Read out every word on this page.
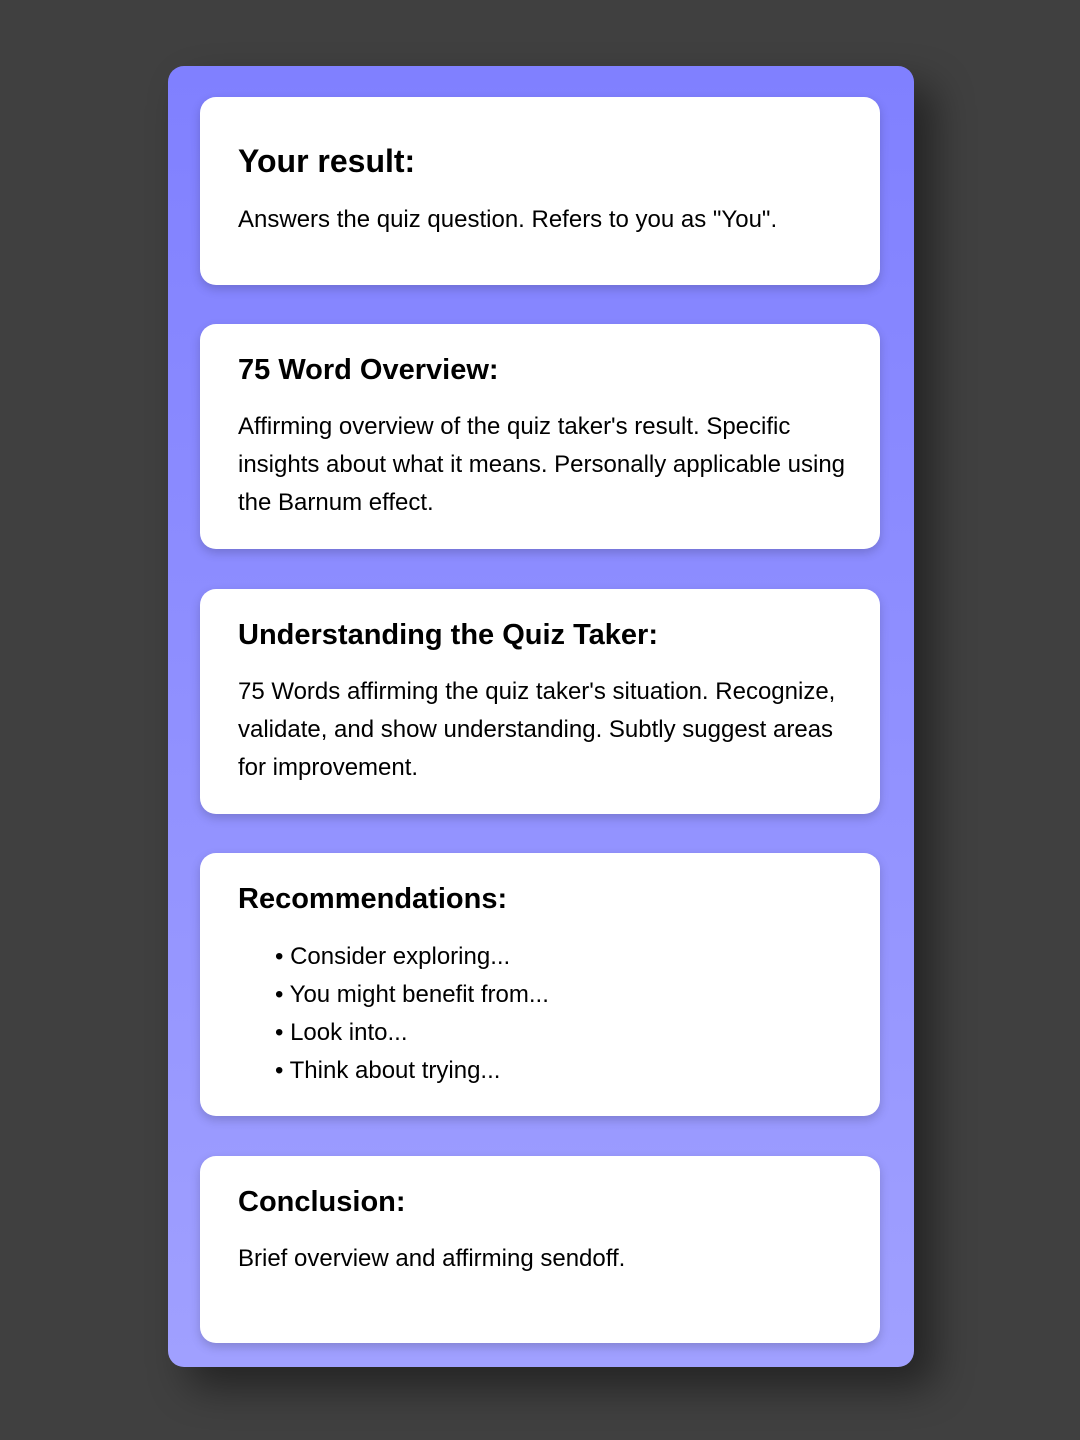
Your result:

Answers the quiz question. Refers to you as "You".

75 Word Overview:

Affirming overview of the quiz taker's result. Specific insights about what it means. Personally applicable using the Barnum effect.

Understanding the Quiz Taker:

75 Words affirming the quiz taker's situation. Recognize, validate, and show understanding. Subtly suggest areas for improvement.

Recommendations:
• Consider exploring...
• You might benefit from...
• Look into...
• Think about trying...
Conclusion:

Brief overview and affirming sendoff.
